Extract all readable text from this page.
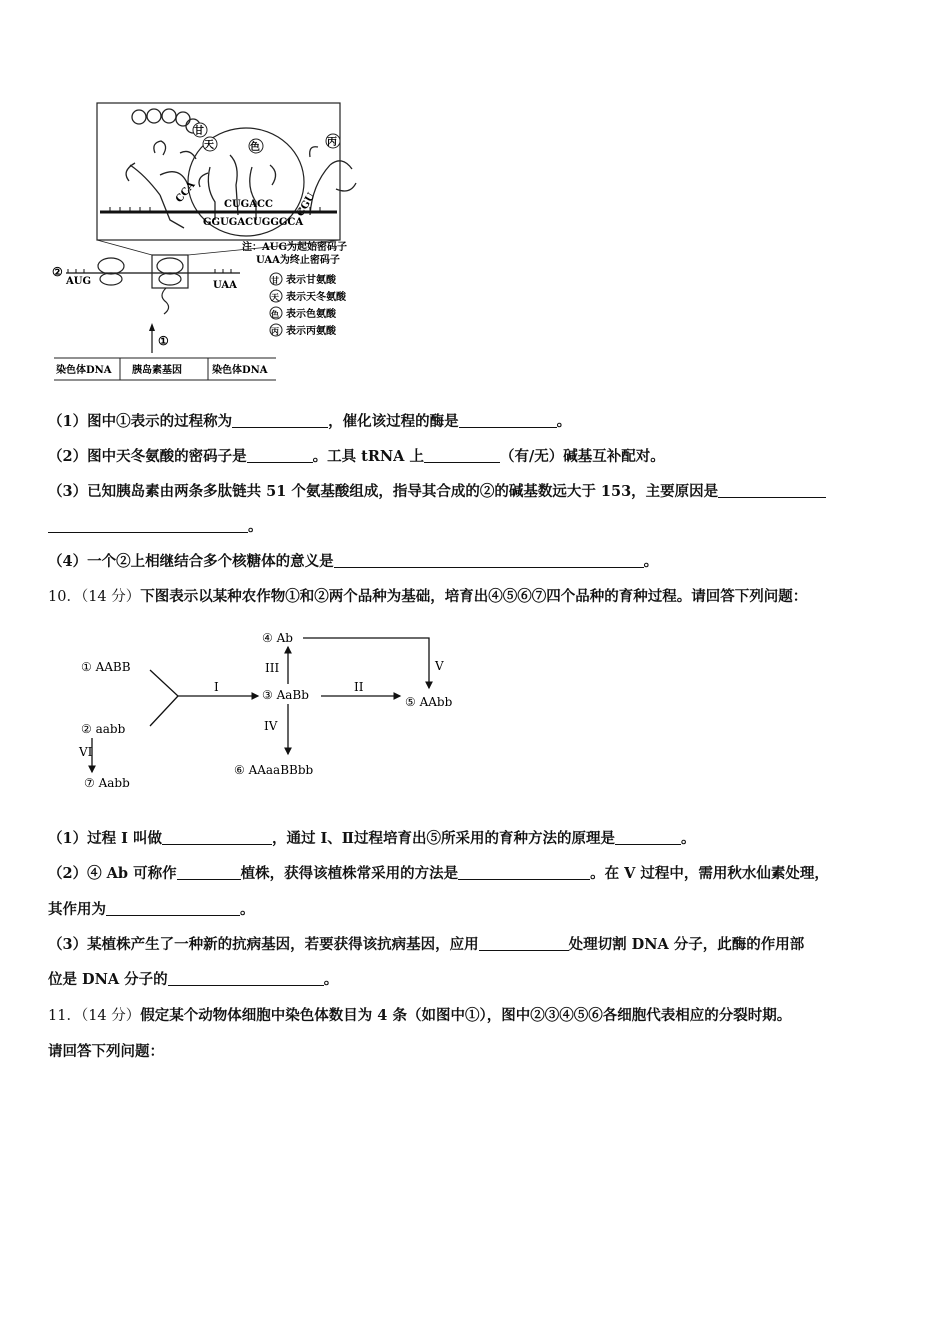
CCA	CGU
甘
天	色	丙
CUGACC
GGUGACUGGGCA
注：AUG为起始密码子
UAA为终止密码子
甘 表示甘氨酸
天 表示天冬氨酸
色 表示色氨酸
丙 表示丙氨酸
②
AUG	UAA
①
染色体DNA 胰岛素基因	染色体DNA
（1）图中①表示的过程称为	，催化该过程的酶是	。
（2）图中天冬氨酸的密码子是	。工具 tRNA 上	（有/无）碱基互补配对。
（3）已知胰岛素由两条多肽链共 51 个氨基酸组成，指导其合成的②的碱基数远大于 153，主要原因是
。
（4）一个②上相继结合多个核糖体的意义是	。
10．（14 分）下图表示以某种农作物①和②两个品种为基础，培育出④⑤⑥⑦四个品种的育种过程。请回答下列问题：
① AABB
② aabb
③ AaBb
④ Ab
⑤ AAbb
⑥ AAaaBBbb
⑦ Aabb
I	II
III	V
IV
VI
（1）过程 I 叫做	，通过 I、Ⅱ过程培育出⑤所采用的育种方法的原理是	。
（2）④ Ab 可称作	植株，获得该植株常采用的方法是	。在 V 过程中，需用秋水仙素处理，
其作用为	。
（3）某植株产生了一种新的抗病基因，若要获得该抗病基因，应用	处理切割 DNA 分子，此酶的作用部
位是 DNA 分子的	。
11．（14 分）假定某个动物体细胞中染色体数目为 4 条（如图中①），图中②③④⑤⑥各细胞代表相应的分裂时期。
请回答下列问题：
